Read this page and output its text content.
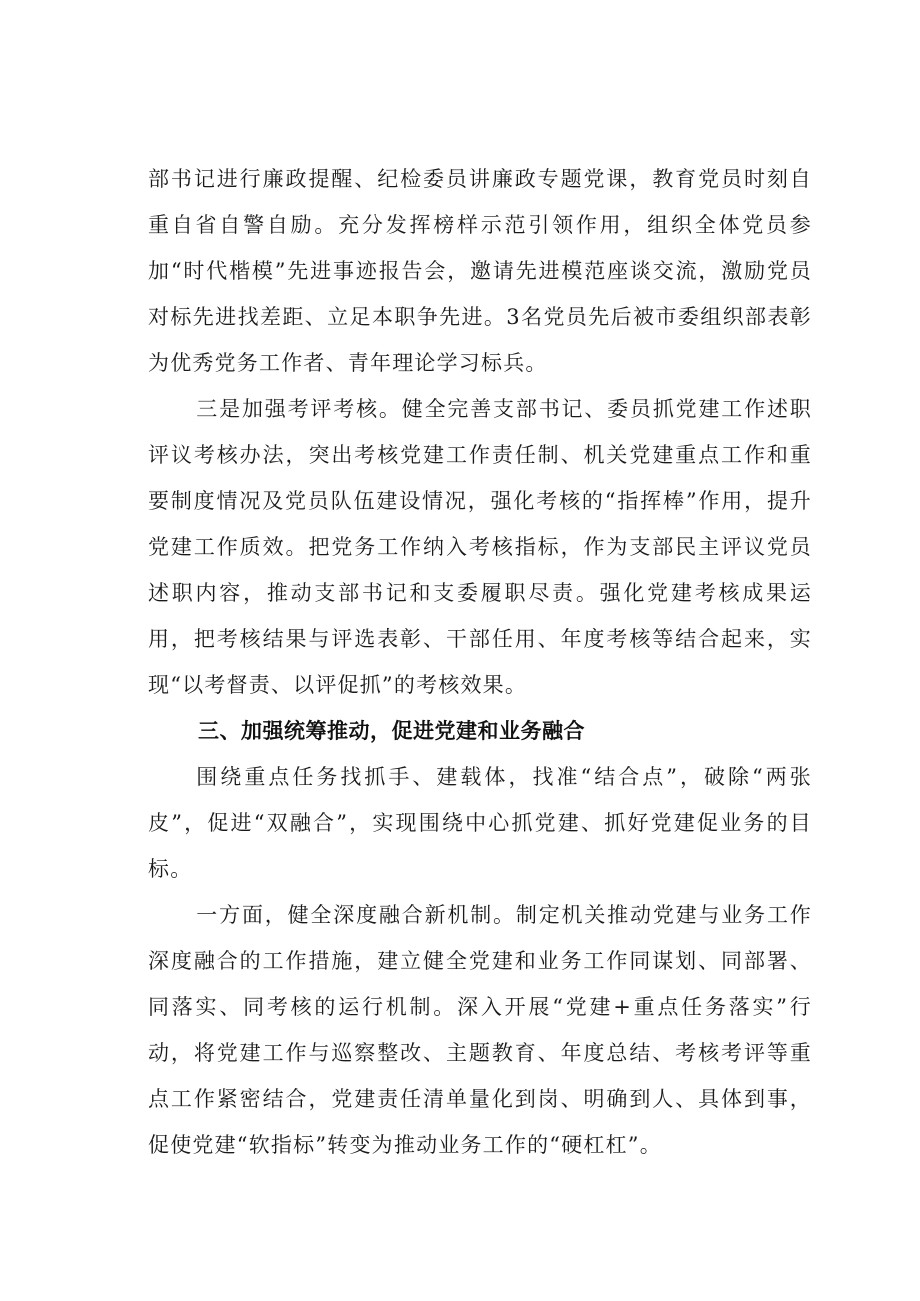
部书记进行廉政提醒、纪检委员讲廉政专题党课，教育党员时刻自重自省自警自励。充分发挥榜样示范引领作用，组织全体党员参加“时代楷模”先进事迹报告会，邀请先进模范座谈交流，激励党员对标先进找差距、立足本职争先进。3名党员先后被市委组织部表彰为优秀党务工作者、青年理论学习标兵。

三是加强考评考核。健全完善支部书记、委员抓党建工作述职评议考核办法，突出考核党建工作责任制、机关党建重点工作和重要制度情况及党员队伍建设情况，强化考核的“指挥棒”作用，提升党建工作质效。把党务工作纳入考核指标，作为支部民主评议党员述职内容，推动支部书记和支委履职尽责。强化党建考核成果运用，把考核结果与评选表彰、干部任用、年度考核等结合起来，实现“以考督责、以评促抓”的考核效果。

三、加强统筹推动，促进党建和业务融合

围绕重点任务找抓手、建载体，找准“结合点”，破除“两张皮”，促进“双融合”，实现围绕中心抓党建、抓好党建促业务的目标。

一方面，健全深度融合新机制。制定机关推动党建与业务工作深度融合的工作措施，建立健全党建和业务工作同谋划、同部署、同落实、同考核的运行机制。深入开展“党建+重点任务落实”行动，将党建工作与巡察整改、主题教育、年度总结、考核考评等重点工作紧密结合，党建责任清单量化到岗、明确到人、具体到事，促使党建“软指标”转变为推动业务工作的“硬杠杠”。
